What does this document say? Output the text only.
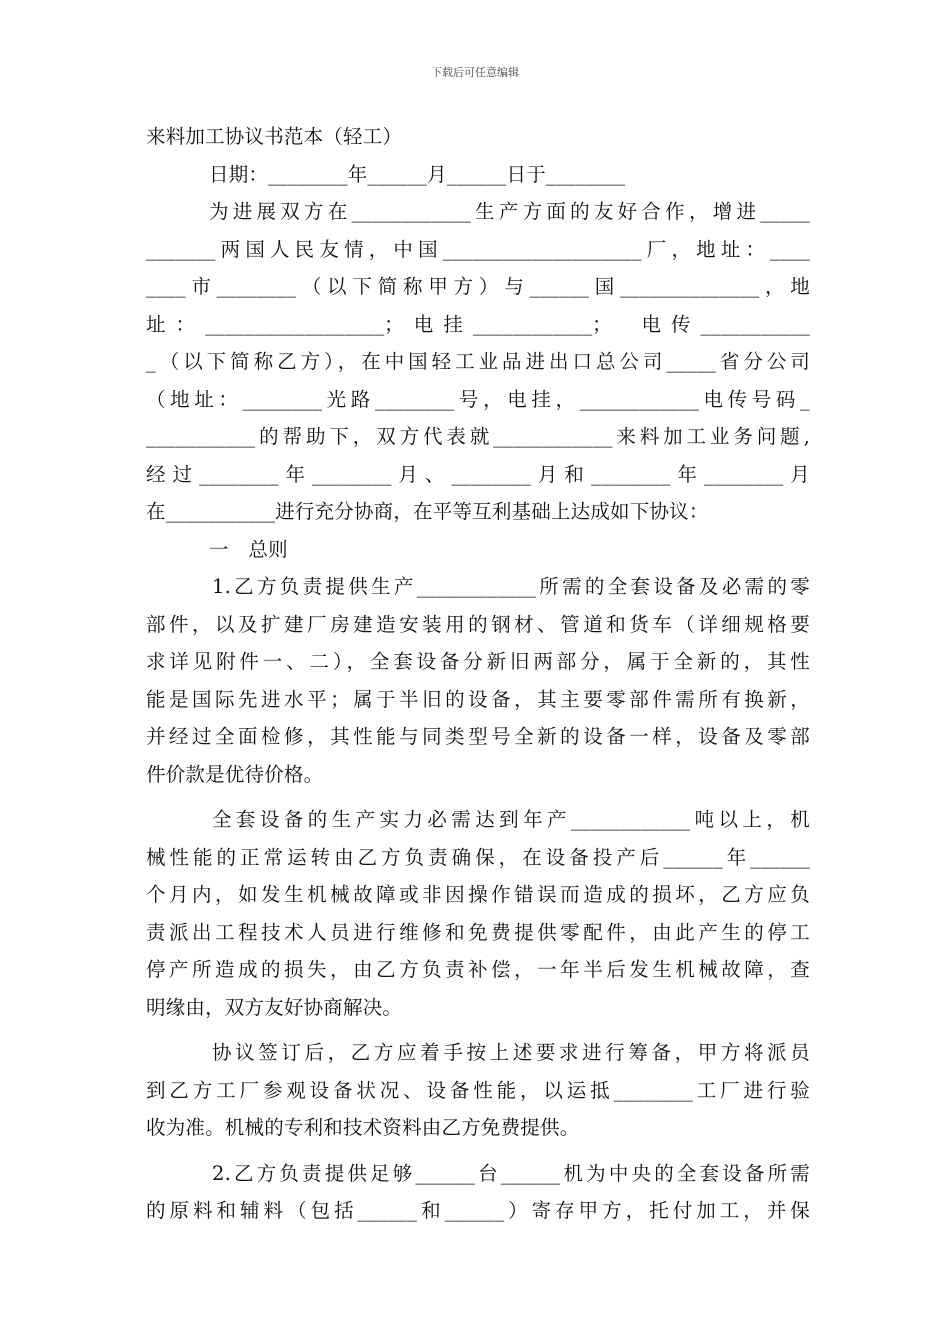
下载后可任意编辑
来料加工协议书范本（轻工）
日期：________年______月______日于________
为进展双方在____________生产方面的友好合作，增进_____
_______两国人民友情，中国____________________厂，地址：____
____市________（以下简称甲方）与______国______________，地
址：__________________；电挂____________；　电传___________
_（以下简称乙方），在中国轻工业品进出口总公司_____省分公司
（地址：________光路________号，电挂，____________电传号码_
___________的帮助下，双方代表就____________来料加工业务问题,
经过________年________月、________月和________年________月
在___________进行充分协商，在平等互利基础上达成如下协议：
一　总则
1.乙方负责提供生产____________所需的全套设备及必需的零
部件，以及扩建厂房建造安装用的钢材、管道和货车（详细规格要
求详见附件一、二），全套设备分新旧两部分，属于全新的，其性
能是国际先进水平；属于半旧的设备，其主要零部件需所有换新，
并经过全面检修，其性能与同类型号全新的设备一样，设备及零部
件价款是优待价格。
全套设备的生产实力必需达到年产____________吨以上，机
械性能的正常运转由乙方负责确保，在设备投产后______年______
个月内，如发生机械故障或非因操作错误而造成的损坏，乙方应负
责派出工程技术人员进行维修和免费提供零配件，由此产生的停工
停产所造成的损失，由乙方负责补偿，一年半后发生机械故障，查
明缘由，双方友好协商解决。
协议签订后，乙方应着手按上述要求进行筹备，甲方将派员
到乙方工厂参观设备状况、设备性能，以运抵________工厂进行验
收为准。机械的专利和技术资料由乙方免费提供。
2.乙方负责提供足够______台______机为中央的全套设备所需
的原料和辅料（包括______和______）寄存甲方，托付加工，并保
